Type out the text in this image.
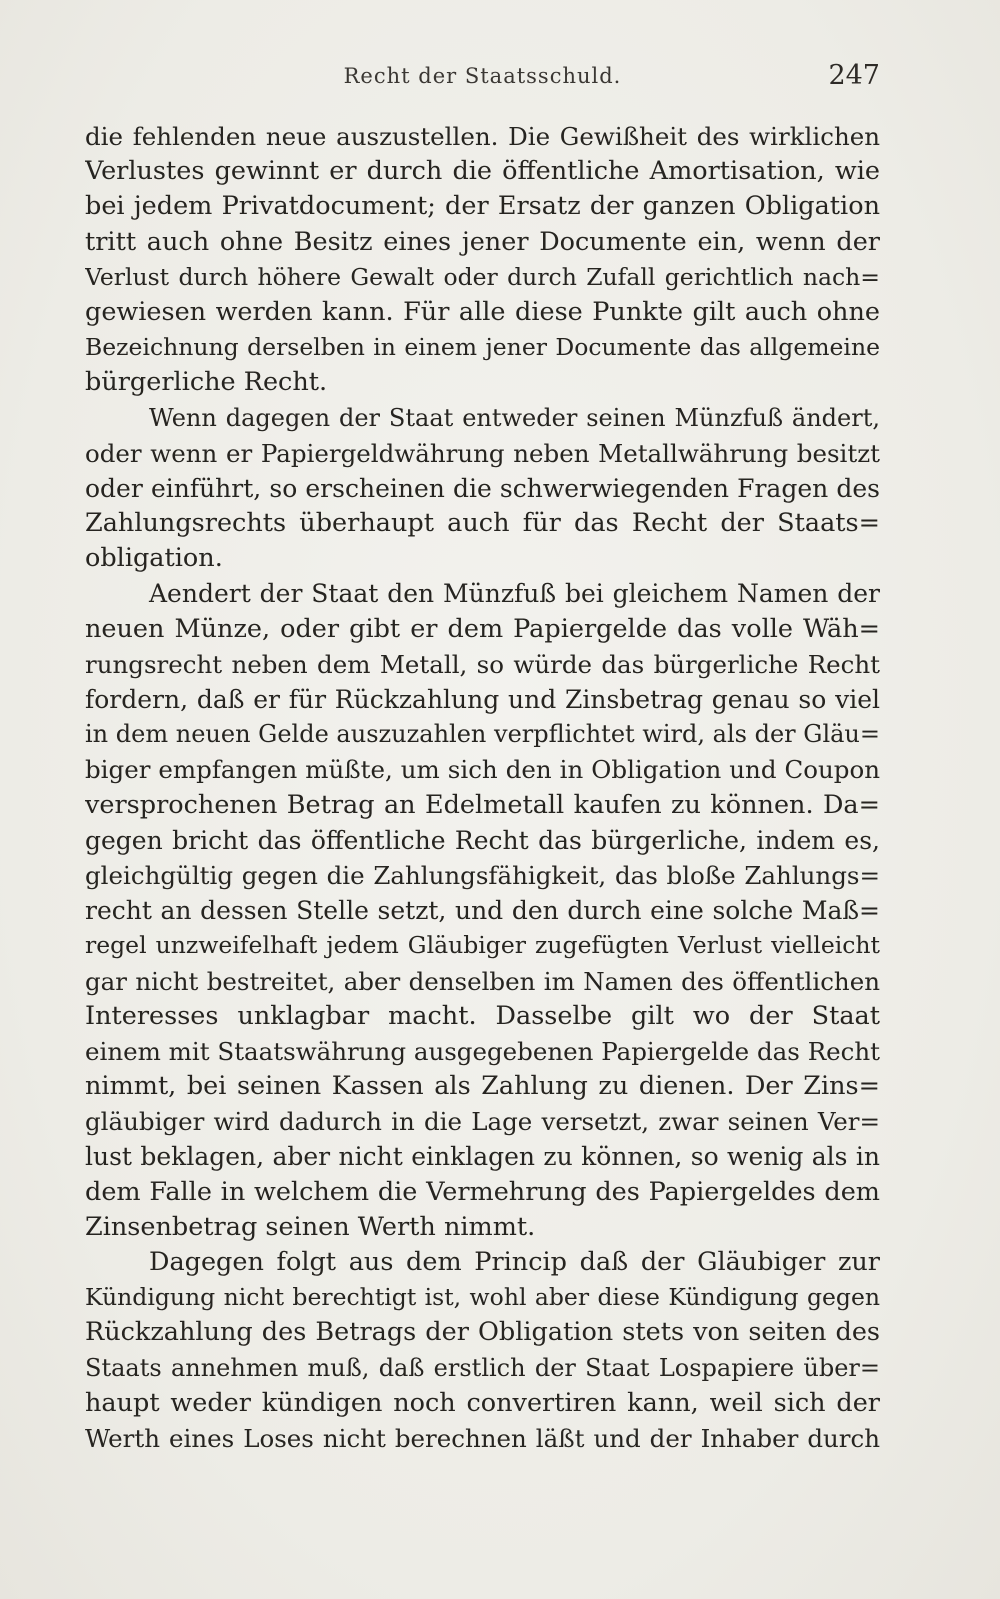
Recht der Staatsschuld.	247
die fehlenden neue auszustellen. Die Gewißheit des wirklichen
Verlustes gewinnt er durch die öffentliche Amortisation, wie
bei jedem Privatdocument; der Ersatz der ganzen Obligation
tritt auch ohne Besitz eines jener Documente ein, wenn der
Verlust durch höhere Gewalt oder durch Zufall gerichtlich nach=
gewiesen werden kann. Für alle diese Punkte gilt auch ohne
Bezeichnung derselben in einem jener Documente das allgemeine
bürgerliche Recht.
Wenn dagegen der Staat entweder seinen Münzfuß ändert,
oder wenn er Papiergeldwährung neben Metallwährung besitzt
oder einführt, so erscheinen die schwerwiegenden Fragen des
Zahlungsrechts überhaupt auch für das Recht der Staats=
obligation.
Aendert der Staat den Münzfuß bei gleichem Namen der
neuen Münze, oder gibt er dem Papiergelde das volle Wäh=
rungsrecht neben dem Metall, so würde das bürgerliche Recht
fordern, daß er für Rückzahlung und Zinsbetrag genau so viel
in dem neuen Gelde auszuzahlen verpflichtet wird, als der Gläu=
biger empfangen müßte, um sich den in Obligation und Coupon
versprochenen Betrag an Edelmetall kaufen zu können. Da=
gegen bricht das öffentliche Recht das bürgerliche, indem es,
gleichgültig gegen die Zahlungsfähigkeit, das bloße Zahlungs=
recht an dessen Stelle setzt, und den durch eine solche Maß=
regel unzweifelhaft jedem Gläubiger zugefügten Verlust vielleicht
gar nicht bestreitet, aber denselben im Namen des öffentlichen
Interesses unklagbar macht. Dasselbe gilt wo der Staat
einem mit Staatswährung ausgegebenen Papiergelde das Recht
nimmt, bei seinen Kassen als Zahlung zu dienen. Der Zins=
gläubiger wird dadurch in die Lage versetzt, zwar seinen Ver=
lust beklagen, aber nicht einklagen zu können, so wenig als in
dem Falle in welchem die Vermehrung des Papiergeldes dem
Zinsenbetrag seinen Werth nimmt.
Dagegen folgt aus dem Princip daß der Gläubiger zur
Kündigung nicht berechtigt ist, wohl aber diese Kündigung gegen
Rückzahlung des Betrags der Obligation stets von seiten des
Staats annehmen muß, daß erstlich der Staat Lospapiere über=
haupt weder kündigen noch convertiren kann, weil sich der
Werth eines Loses nicht berechnen läßt und der Inhaber durch
